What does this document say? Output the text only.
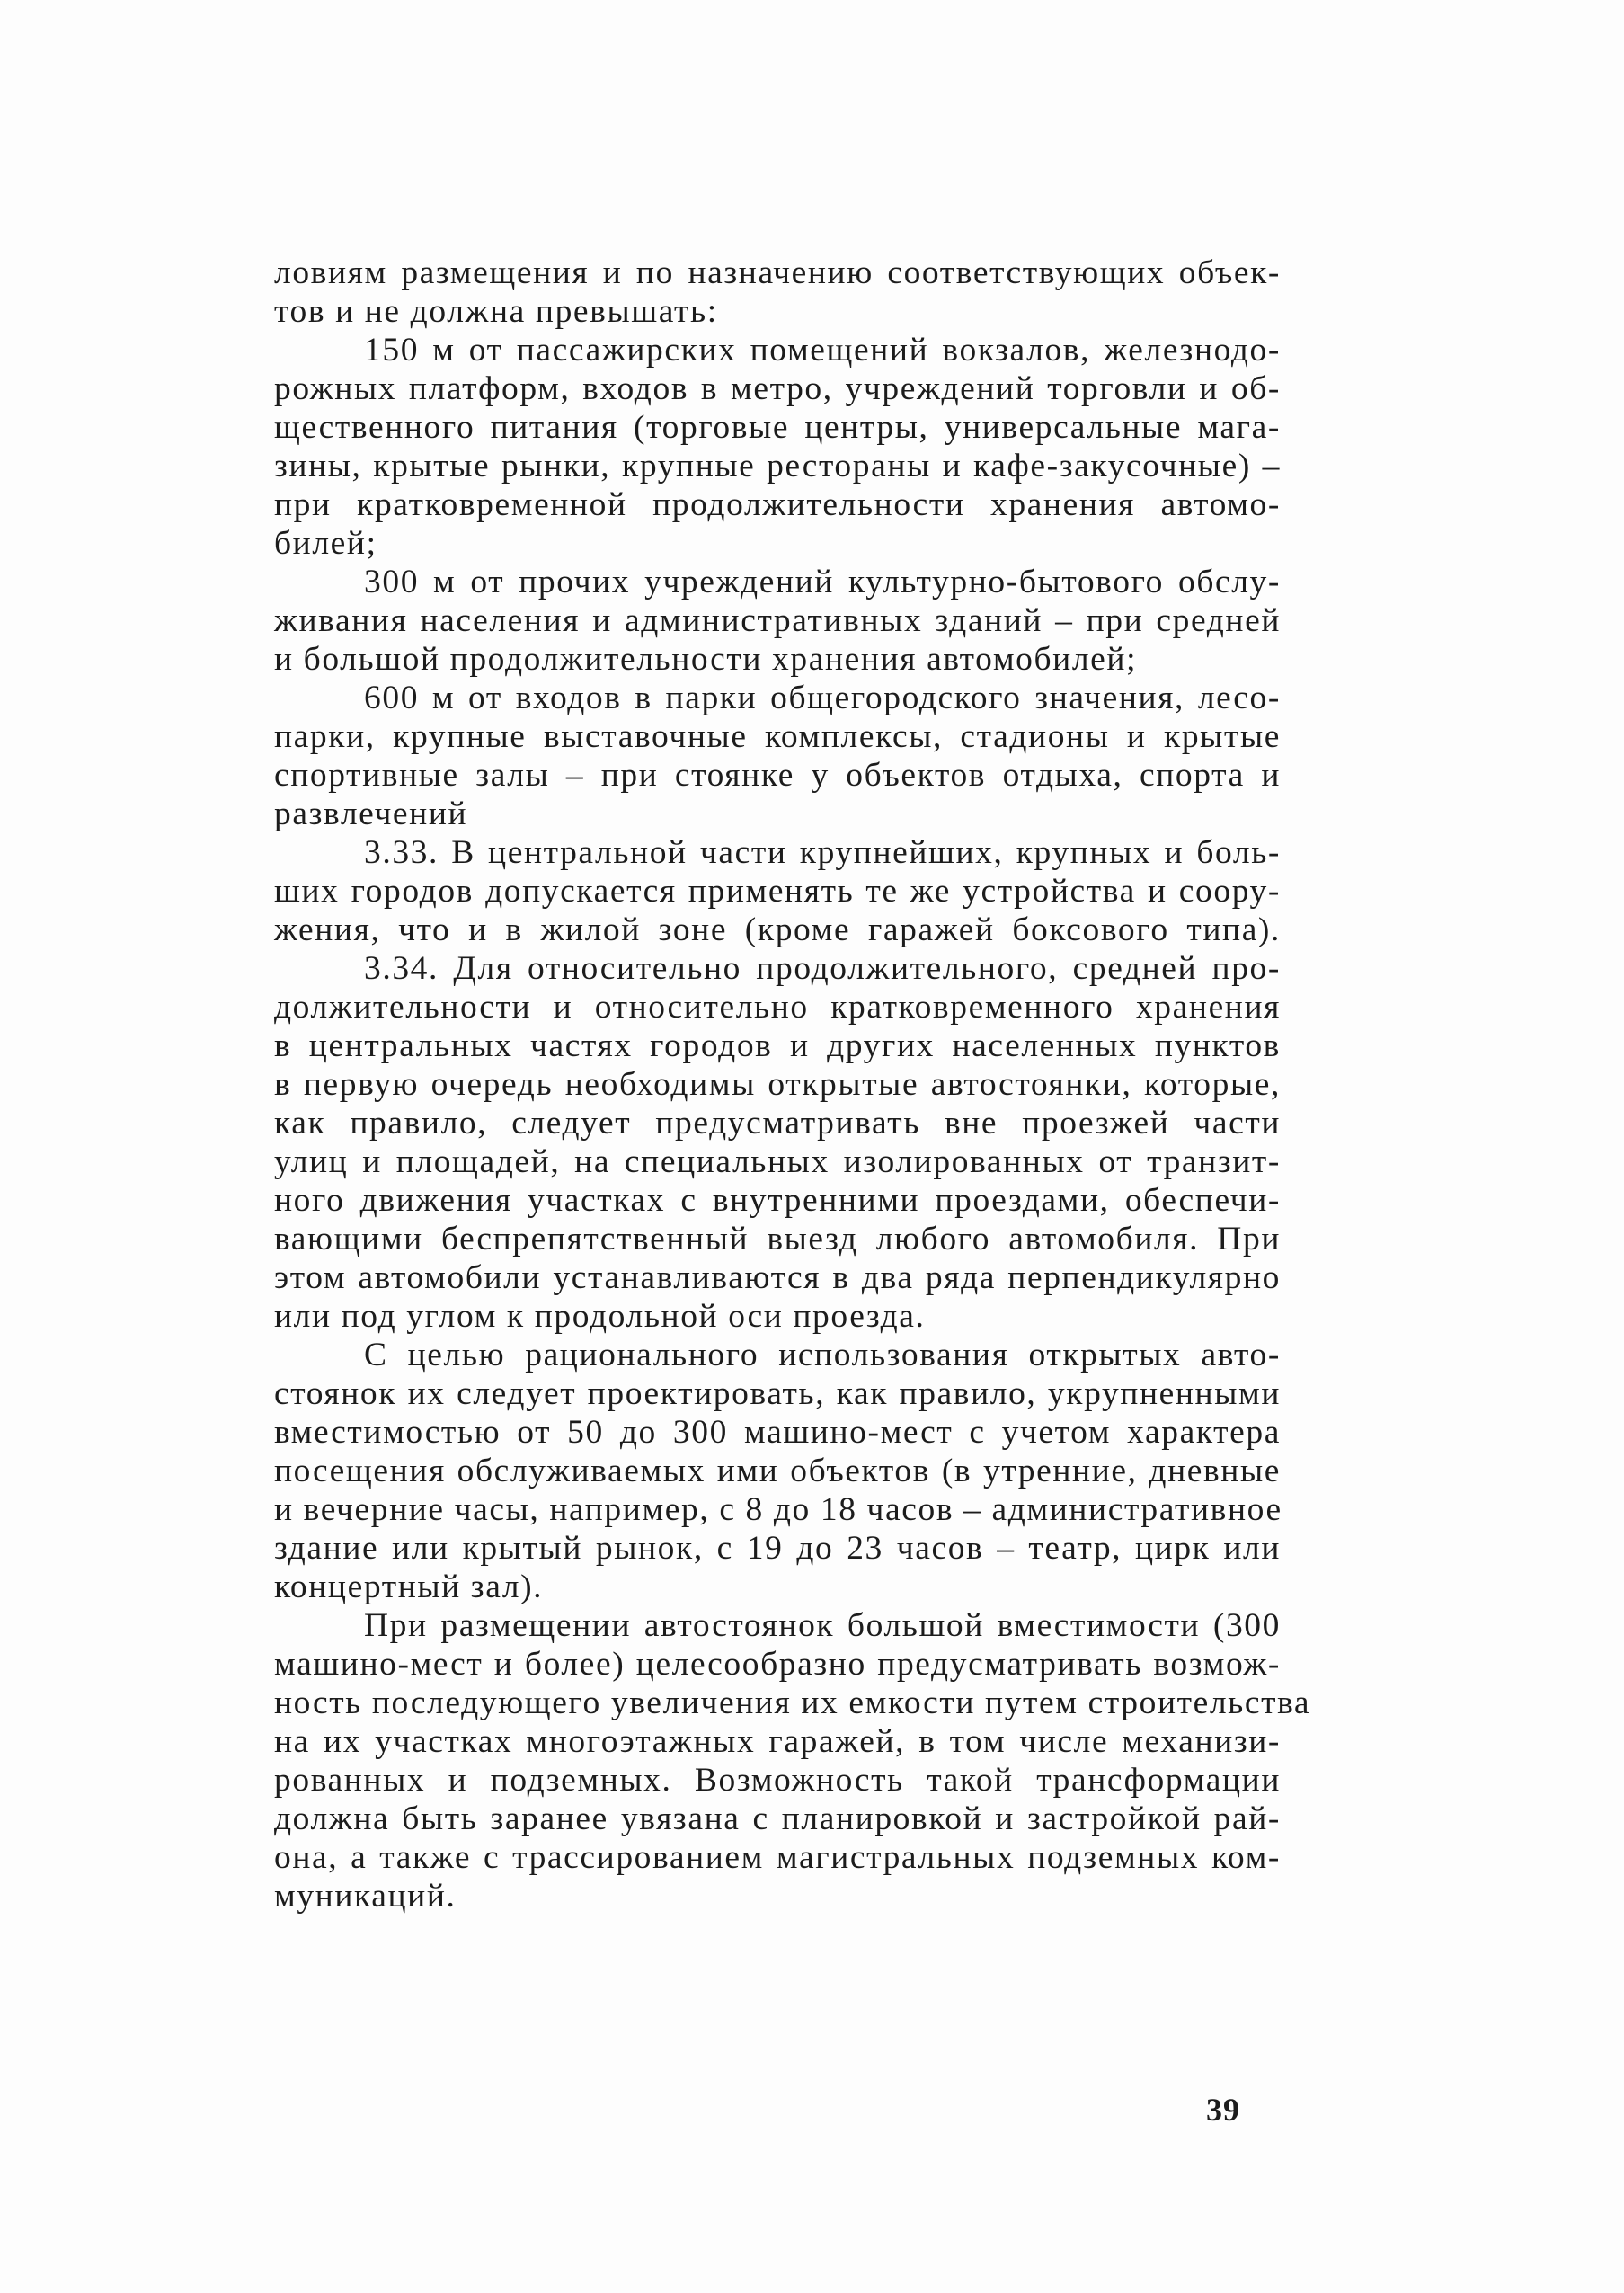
ловиям размещения и по назначению соответствующих объек-
тов и не должна превышать:
150 м от пассажирских помещений вокзалов, железнодо-
рожных платформ, входов в метро, учреждений торговли и об-
щественного питания (торговые центры, универсальные мага-
зины, крытые рынки, крупные рестораны и кафе-закусочные) –
при кратковременной продолжительности хранения автомо-
билей;
300 м от прочих учреждений культурно-бытового обслу-
живания населения и административных зданий – при средней
и большой продолжительности хранения автомобилей;
600 м от входов в парки общегородского значения, лесо-
парки, крупные выставочные комплексы, стадионы и крытые
спортивные залы – при стоянке у объектов отдыха, спорта и
развлечений
3.33. В центральной части крупнейших, крупных и боль-
ших городов допускается применять те же устройства и соору-
жения, что и в жилой зоне (кроме гаражей боксового типа).
3.34. Для относительно продолжительного, средней про-
должительности и относительно кратковременного хранения
в центральных частях городов и других населенных пунктов
в первую очередь необходимы открытые автостоянки, которые,
как правило, следует предусматривать вне проезжей части
улиц и площадей, на специальных изолированных от транзит-
ного движения участках с внутренними проездами, обеспечи-
вающими беспрепятственный выезд любого автомобиля. При
этом автомобили устанавливаются в два ряда перпендикулярно
или под углом к продольной оси проезда.
С целью рационального использования открытых авто-
стоянок их следует проектировать, как правило, укрупненными
вместимостью от 50 до 300 машино-мест с учетом характера
посещения обслуживаемых ими объектов (в утренние, дневные
и вечерние часы, например, с 8 до 18 часов – административное
здание или крытый рынок, с 19 до 23 часов – театр, цирк или
концертный зал).
При размещении автостоянок большой вместимости (300
машино-мест и более) целесообразно предусматривать возмож-
ность последующего увеличения их емкости путем строительства
на их участках многоэтажных гаражей, в том числе механизи-
рованных и подземных. Возможность такой трансформации
должна быть заранее увязана с планировкой и застройкой рай-
она, а также с трассированием магистральных подземных ком-
муникаций.
39
